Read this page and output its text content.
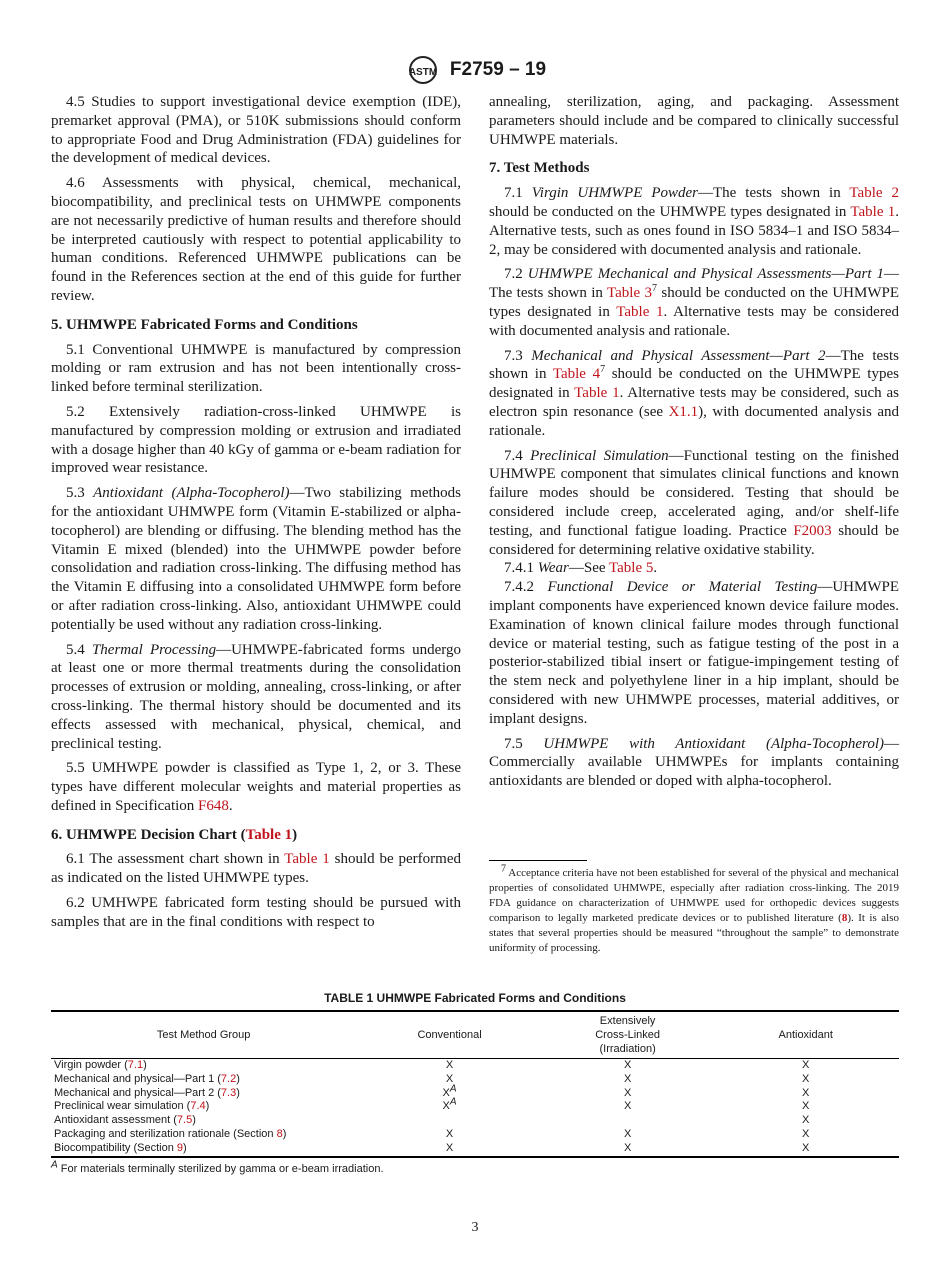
ASTM F2759 – 19

4.5 Studies to support investigational device exemption (IDE), premarket approval (PMA), or 510K submissions should conform to appropriate Food and Drug Administration (FDA) guidelines for the development of medical devices.

4.6 Assessments with physical, chemical, mechanical, biocompatibility, and preclinical tests on UHMWPE components are not necessarily predictive of human results and therefore should be interpreted cautiously with respect to potential applicability to human conditions. Referenced UHMWPE publications can be found in the References section at the end of this guide for further review.

5. UHMWPE Fabricated Forms and Conditions

5.1 Conventional UHMWPE is manufactured by compression molding or ram extrusion and has not been intentionally cross-linked before terminal sterilization.

5.2 Extensively radiation-cross-linked UHMWPE is manufactured by compression molding or extrusion and irradiated with a dosage higher than 40 kGy of gamma or e-beam radiation for improved wear resistance.

5.3 Antioxidant (Alpha-Tocopherol)—Two stabilizing methods for the antioxidant UHMWPE form (Vitamin E-stabilized or alpha-tocopherol) are blending or diffusing. The blending method has the Vitamin E mixed (blended) into the UHMWPE powder before consolidation and radiation cross-linking. The diffusing method has the Vitamin E diffusing into a consolidated UHMWPE form before or after radiation cross-linking. Also, antioxidant UHMWPE could potentially be used without any radiation cross-linking.

5.4 Thermal Processing—UHMWPE-fabricated forms undergo at least one or more thermal treatments during the consolidation processes of extrusion or molding, annealing, cross-linking, or after cross-linking. The thermal history should be documented and its effects assessed with mechanical, physical, chemical, and preclinical testing.

5.5 UMHWPE powder is classified as Type 1, 2, or 3. These types have different molecular weights and material properties as defined in Specification F648.

6. UHMWPE Decision Chart (Table 1)

6.1 The assessment chart shown in Table 1 should be performed as indicated on the listed UHMWPE types.

6.2 UMHWPE fabricated form testing should be pursued with samples that are in the final conditions with respect to

annealing, sterilization, aging, and packaging. Assessment parameters should include and be compared to clinically successful UHMWPE materials.

7. Test Methods

7.1 Virgin UHMWPE Powder—The tests shown in Table 2 should be conducted on the UHMWPE types designated in Table 1. Alternative tests, such as ones found in ISO 5834–1 and ISO 5834–2, may be considered with documented analysis and rationale.

7.2 UHMWPE Mechanical and Physical Assessments—Part 1—The tests shown in Table $3^7$ should be conducted on the UHMWPE types designated in Table 1. Alternative tests may be considered with documented analysis and rationale.

7.3 Mechanical and Physical Assessment—Part 2—The tests shown in Table $4^7$ should be conducted on the UHMWPE types designated in Table 1. Alternative tests may be considered, such as electron spin resonance (see X1.1), with documented analysis and rationale.

7.4 Preclinical Simulation—Functional testing on the finished UHMWPE component that simulates clinical functions and known failure modes should be considered. Testing that should be considered include creep, accelerated aging, and/or shelf-life testing, and functional fatigue loading. Practice F2003 should be considered for determining relative oxidative stability.

7.4.1 Wear—See Table 5.

7.4.2 Functional Device or Material Testing—UHMWPE implant components have experienced known device failure modes. Examination of known clinical failure modes through functional device or material testing, such as fatigue testing of the post in a posterior-stabilized tibial insert or fatigue-impingement testing of the stem neck and polyethylene liner in a hip implant, should be considered with new UHMWPE processes, material additives, or implant designs.

7.5 UHMWPE with Antioxidant (Alpha-Tocopherol)—Commercially available UHMWPEs for implants containing antioxidants are blended or doped with alpha-tocopherol.

$^7$ Acceptance criteria have not been established for several of the physical and mechanical properties of consolidated UHMWPE, especially after radiation cross-linking. The 2019 FDA guidance on characterization of UHMWPE used for orthopedic devices suggests comparison to legally marketed predicate devices or to published literature (8). It is also states that several properties should be measured “throughout the sample” to demonstrate uniformity of processing.
TABLE 1 UHMWPE Fabricated Forms and Conditions
Test Method Group	Conventional	Extensively
Cross-Linked
(Irradiation)	Antioxidant
Virgin powder (7.1)	X	X	X
Mechanical and physical—Part 1 (7.2)	X	X	X
Mechanical and physical—Part 2 (7.3)	$X^A$	X	X
Preclinical wear simulation (7.4)	$X^A$	X	X
Antioxidant assessment (7.5)			X
Packaging and sterilization rationale (Section 8)	X	X	X
Biocompatibility (Section 9)	X	X	X
$^A$ For materials terminally sterilized by gamma or e-beam irradiation.
3
